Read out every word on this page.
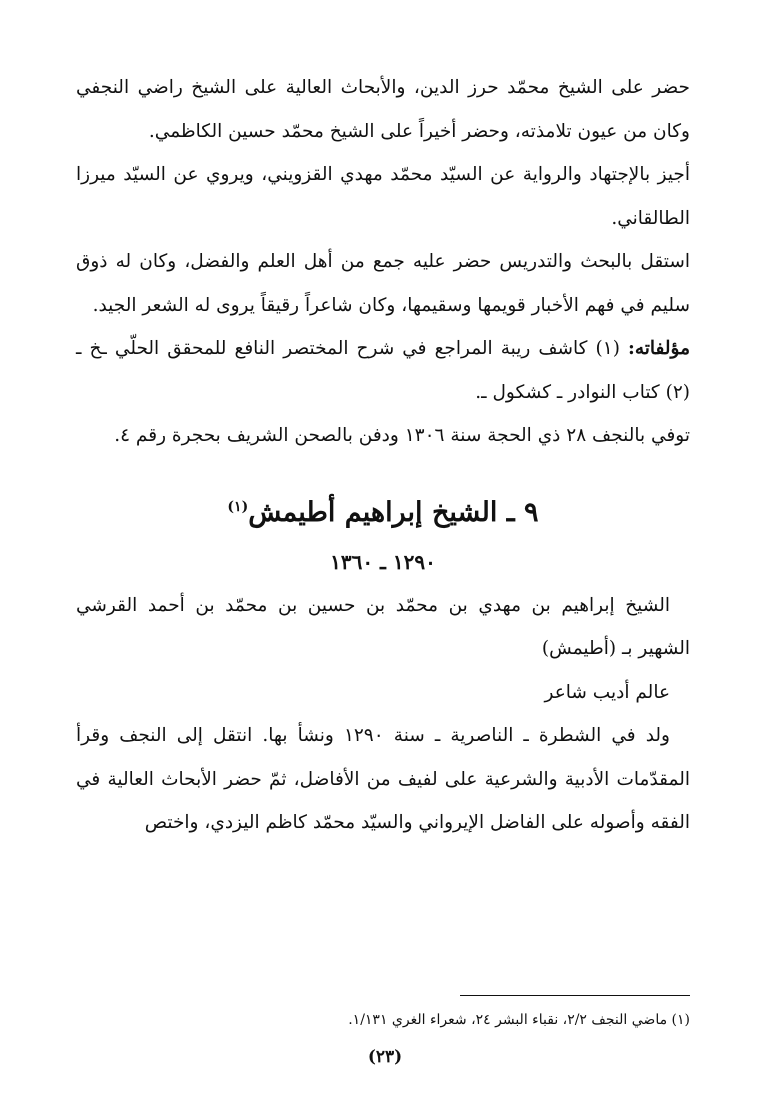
حضر على الشيخ محمّد حرز الدين، والأبحاث العالية على الشيخ راضي النجفي وكان من عيون تلامذته، وحضر أخيراً على الشيخ محمّد حسين الكاظمي.

أجيز بالإجتهاد والرواية عن السيّد محمّد مهدي القزويني، ويروي عن السيّد ميرزا الطالقاني.

استقل بالبحث والتدريس حضر عليه جمع من أهل العلم والفضل، وكان له ذوق سليم في فهم الأخبار قويمها وسقيمها، وكان شاعراً رقيقاً يروى له الشعر الجيد.

مؤلفاته: (١) كاشف ريبة المراجع في شرح المختصر النافع للمحقق الحلّي ـخ ـ (٢) كتاب النوادر ـ كشكول ـ.

توفي بالنجف ٢٨ ذي الحجة سنة ١٣٠٦ ودفن بالصحن الشريف بحجرة رقم ٤.

٩ ـ الشيخ إبراهيم أطيمش$^{(١)}$
١٢٩٠ ـ ١٣٦٠

الشيخ إبراهيم بن مهدي بن محمّد بن حسين بن محمّد بن أحمد القرشي الشهير بـ (أطيمش)

عالم أديب شاعر

ولد في الشطرة ـ الناصرية ـ سنة ١٢٩٠ ونشأ بها. انتقل إلى النجف وقرأ المقدّمات الأدبية والشرعية على لفيف من الأفاضل، ثمّ حضر الأبحاث العالية في الفقه وأصوله على الفاضل الإيرواني والسيّد محمّد كاظم اليزدي، واختص

(١) ماضي النجف ٢/٢، نقباء البشر ٢٤، شعراء الغري ١/١٣١.
(٢٣)
